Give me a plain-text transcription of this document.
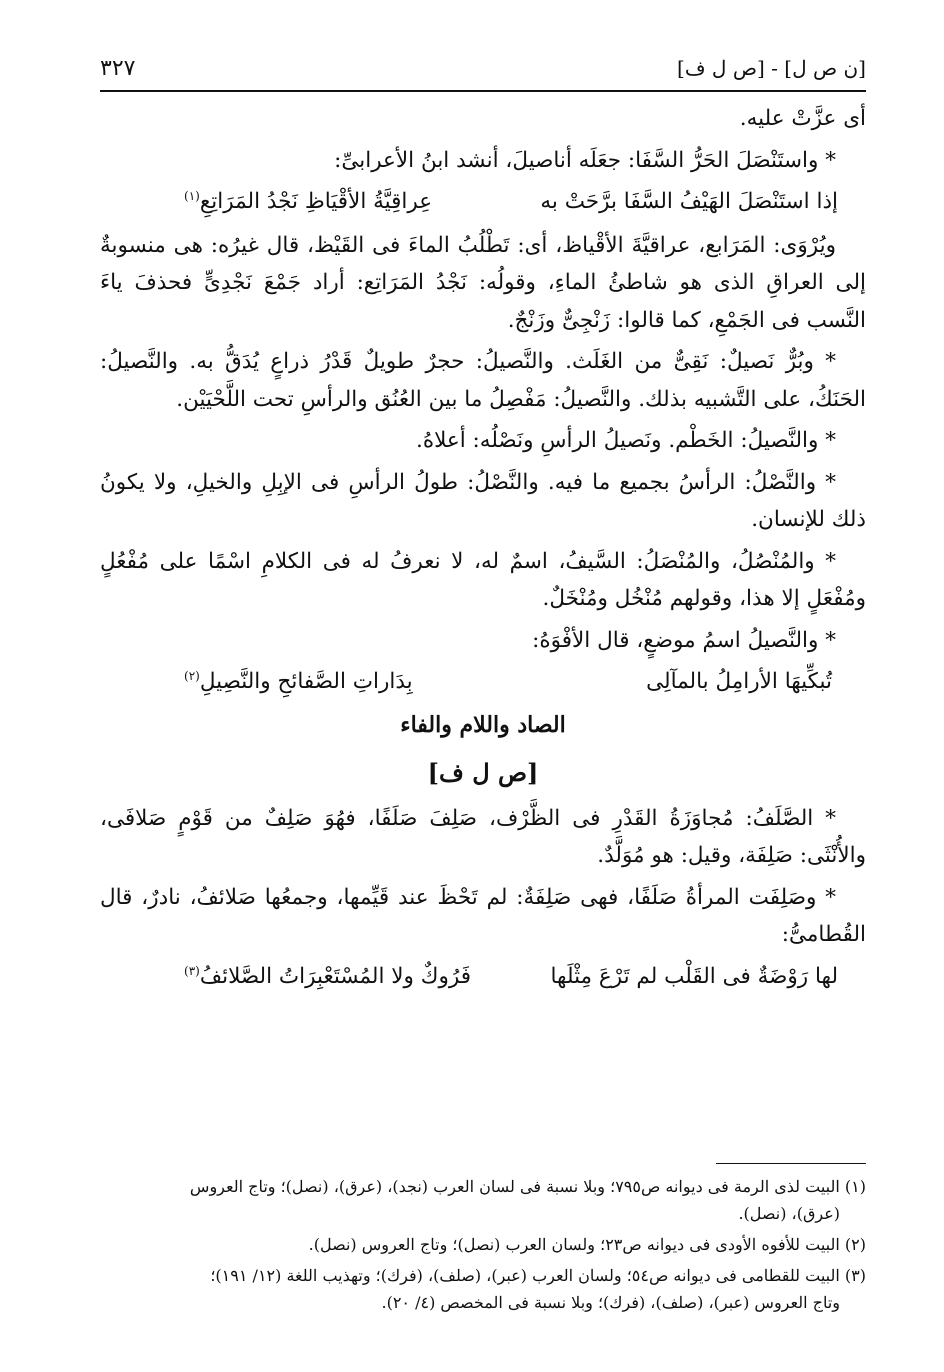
[ن ص ل] - [ص ل ف]
٣٢٧

أى عزَّتْ عليه.

* واستَنْصَلَ الحَرُّ السَّفَا: جعَلَه أناصيلَ، أنشد ابنُ الأعرابىِّ:

إذا استَنْصَلَ الهَيْفُ السَّفَا برَّحَتْ به
عِراقِيَّةُ الأقْيَاظِ نَجْدُ المَرَاتِعِ$^{(١)}$

ويُرْوَى: المَرَابع، عراقيَّةَ الأقْياظ، أى: تَطْلُبُ الماءَ فى القَيْظ، قال غيرُه: هى منسوبةٌ إلى العراقِ الذى هو شاطئُ الماءِ، وقولُه: نَجْدُ المَرَاتِع: أراد جَمْعَ نَجْدِىٍّ فحذفَ ياءَ النَّسب فى الجَمْعِ، كما قالوا: زَنْجِىٌّ وزَنْجٌ.

* وبُرٌّ نَصيلٌ: نَقِىٌّ من الغَلَث. والنَّصيلُ: حجرٌ طويلٌ قَدْرُ ذراعٍ يُدَقُّ به. والنَّصيلُ: الحَنَكُ، على التَّشبيه بذلك. والنَّصيلُ: مَفْصِلُ ما بين العُنُق والرأسِ تحت اللَّحْيَيْن.

* والنَّصيلُ: الخَطْم. ونَصيلُ الرأسِ ونَصْلُه: أعلاهُ.

* والنَّصْلُ: الرأسُ بجميع ما فيه. والنَّصْلُ: طولُ الرأسِ فى الإبِلِ والخيلِ، ولا يكونُ ذلك للإنسان.

* والمُنْصُلُ، والمُنْصَلُ: السَّيفُ، اسمٌ له، لا نعرفُ له فى الكلامِ اسْمًا على مُفْعُلٍ ومُفْعَلٍ إلا هذا، وقولهم مُنْخُل ومُنْخَلٌ.

* والنَّصيلُ اسمُ موضعٍ، قال الأفْوَهُ:

تُبكِّيهَا الأرامِلُ بالمآلِى
بِدَاراتِ الصَّفائحِ والنَّصِيلِ$^{(٢)}$
الصاد واللام والفاء
[ص ل ف]

* الصَّلَفُ: مُجاوَزَةُ القَدْرِ فى الظَّرْف، صَلِفَ صَلَفًا، فهُوَ صَلِفٌ من قَوْمٍ صَلافَى، والأُنْثَى: صَلِفَة، وقيل: هو مُوَلَّدٌ.

* وصَلِفَت المرأةُ صَلَفًا، فهى صَلِفَةٌ: لم تَحْظَ عند قَيِّمها، وجمعُها صَلائفُ، نادرٌ، قال القُطامىُّ:

لها رَوْضَةٌ فى القَلْب لم تَرْعَ مِثْلَها
فَرُوكٌ ولا المُسْتَعْبِرَاتُ الصَّلائفُ$^{(٣)}$

(١) البيت لذى الرمة فى ديوانه ص٧٩٥؛ وبلا نسبة فى لسان العرب (نجد)، (عرق)، (نصل)؛ وتاج العروس
(عرق)، (نصل).

(٢) البيت للأفوه الأودى فى ديوانه ص٢٣؛ ولسان العرب (نصل)؛ وتاج العروس (نصل).

(٣) البيت للقطامى فى ديوانه ص٥٤؛ ولسان العرب (عبر)، (صلف)، (فرك)؛ وتهذيب اللغة (١٢/ ١٩١)؛
وتاج العروس (عبر)، (صلف)، (فرك)؛ وبلا نسبة فى المخصص (٤/ ٢٠).
